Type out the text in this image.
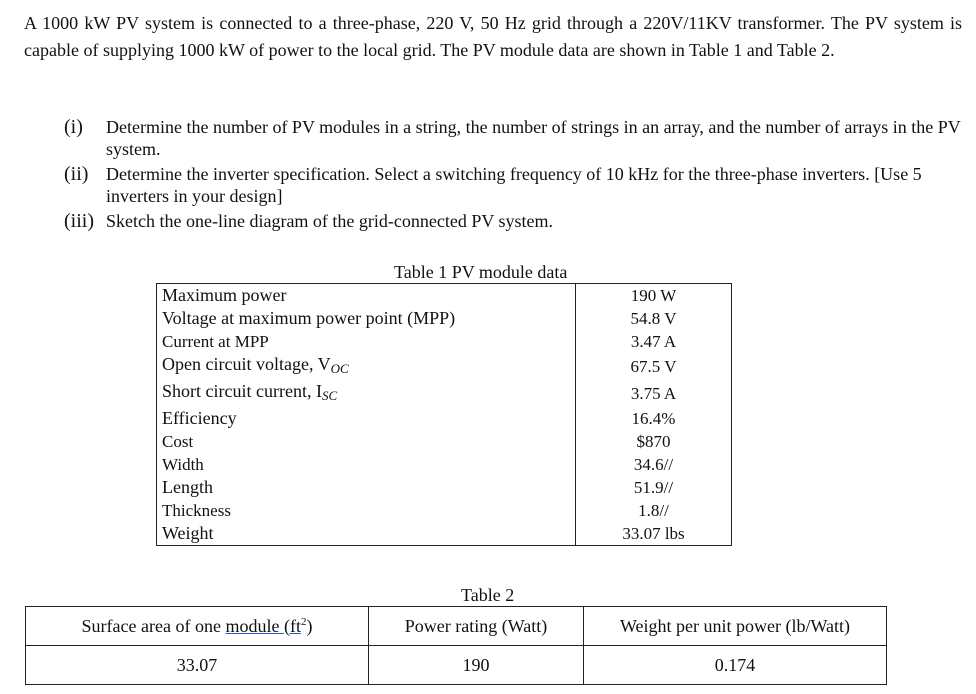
A 1000 kW PV system is connected to a three-phase, 220 V, 50 Hz grid through a 220V/11KV transformer. The PV system is capable of supplying 1000 kW of power to the local grid. The PV module data are shown in Table 1 and Table 2.
(i)	Determine the number of PV modules in a string, the number of strings in an array, and the number of arrays in the PV system.
(ii) Determine the inverter specification. Select a switching frequency of 10 kHz for the three-phase inverters. [Use 5 inverters in your design]
(iii) Sketch the one-line diagram of the grid-connected PV system.
Table 1 PV module data
Maximum power	190 W
Voltage at maximum power point (MPP)	54.8 V
Current at MPP	3.47 A
Open circuit voltage, $V_{OC}$	67.5 V
Short circuit current, $I_{SC}$	3.75 A
Efficiency	16.4%
Cost	$870
Width	34.6//
Length	51.9//
Thickness	1.8//
Weight	33.07 lbs
Table 2
Surface area of one module $(ft^2)$	Power rating (Watt)	Weight per unit power (lb/Watt)
33.07	190	0.174
